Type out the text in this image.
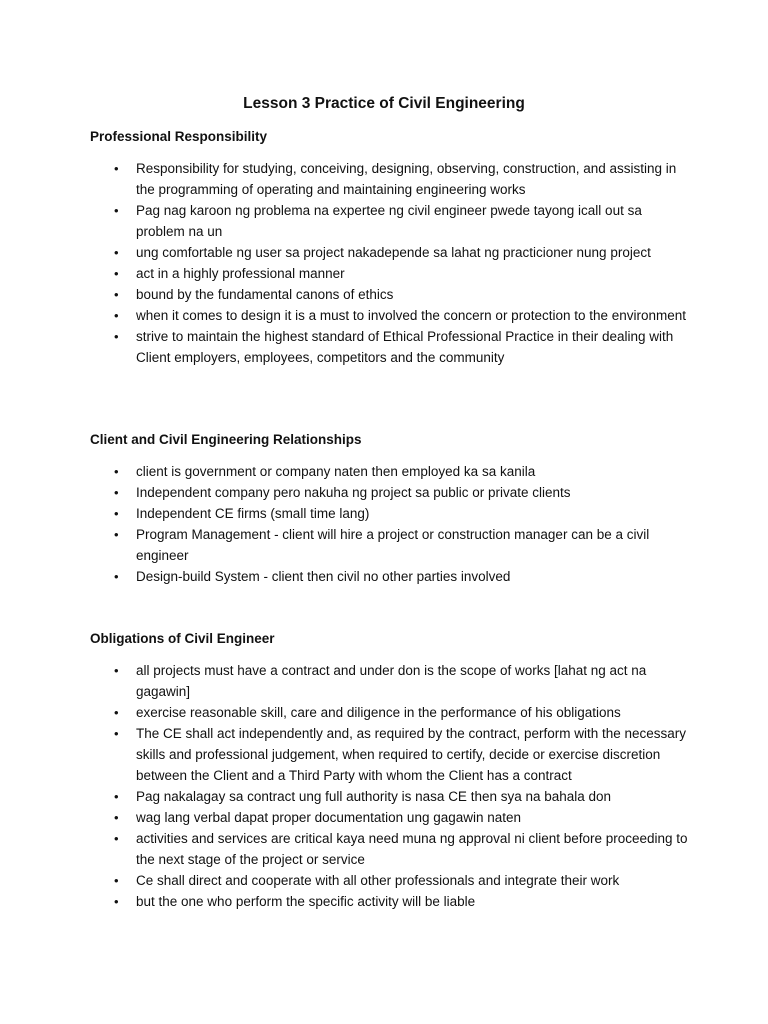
Lesson 3 Practice of Civil Engineering
Professional Responsibility
• Responsibility for studying, conceiving, designing, observing, construction, and assisting in the programming of operating and maintaining engineering works
• Pag nag karoon ng problema na expertee ng civil engineer pwede tayong icall out sa problem na un
• ung comfortable ng user sa project nakadepende sa lahat ng practicioner nung project
• act in a highly professional manner
• bound by the fundamental canons of ethics
• when it comes to design it is a must to involved the concern or protection to the environment
• strive to maintain the highest standard of Ethical Professional Practice in their dealing with Client employers, employees, competitors and the community
Client and Civil Engineering Relationships
• client is government or company naten then employed ka sa kanila
• Independent company pero nakuha ng project sa public or private clients
• Independent CE firms (small time lang)
• Program Management - client will hire a project or construction manager can be a civil engineer
• Design-build System - client then civil no other parties involved
Obligations of Civil Engineer
• all projects must have a contract and under don is the scope of works [lahat ng act na gagawin]
• exercise reasonable skill, care and diligence in the performance of his obligations
• The CE shall act independently and, as required by the contract, perform with the necessary skills and professional judgement, when required to certify, decide or exercise discretion between the Client and a Third Party with whom the Client has a contract
• Pag nakalagay sa contract ung full authority is nasa CE then sya na bahala don
• wag lang verbal dapat proper documentation ung gagawin naten
• activities and services are critical kaya need muna ng approval ni client before proceeding to the next stage of the project or service
• Ce shall direct and cooperate with all other professionals and integrate their work
• but the one who perform the specific activity will be liable
